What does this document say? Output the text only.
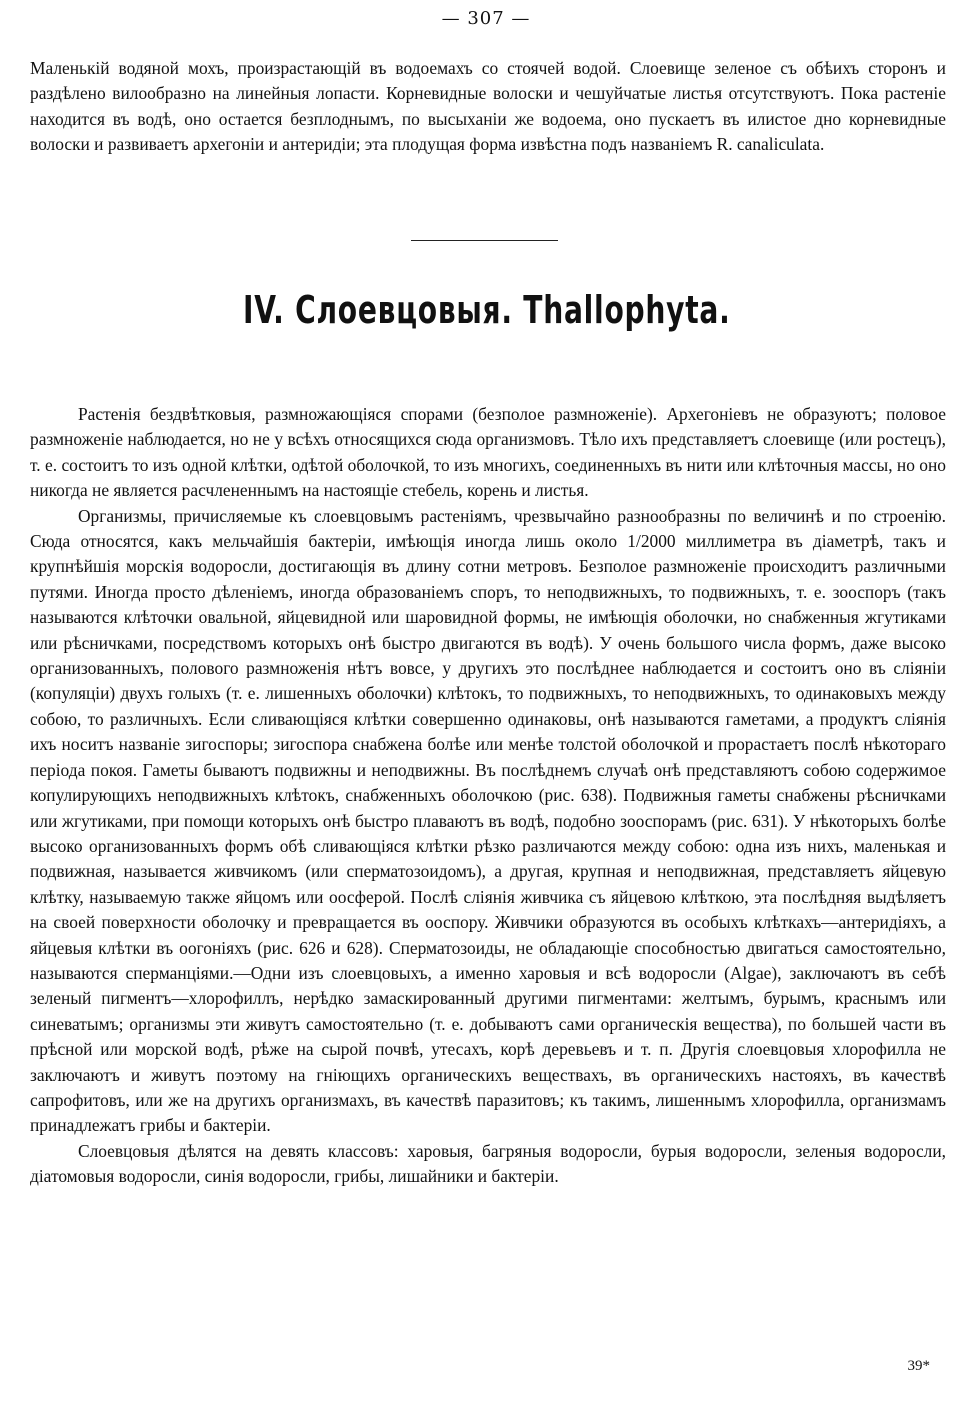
— 307 —

Маленькій водяной мохъ, произрастающій въ водоемахъ со стоячей водой. Слоевище зеленое съ обѣихъ сторонъ и раздѣлено вилообразно на линейныя лопасти. Корневидные волоски и чешуйчатые листья отсутствуютъ. Пока растеніе находится въ водѣ, оно остается безплоднымъ, по высыханіи же водоема, оно пускаетъ въ илистое дно корневидные волоски и развиваетъ архегоніи и антеридіи; эта плодущая форма извѣстна подъ названіемъ R. canaliculata.

IV. Слоевцовыя. Thallophyta.

Растенія бездвѣтковыя, размножающіяся спорами (безполое размноженіе). Архегоніевъ не образуютъ; половое размноженіе наблюдается, но не у всѣхъ относящихся сюда организмовъ. Тѣло ихъ представляетъ слоевище (или ростецъ), т. е. состоитъ то изъ одной клѣтки, одѣтой оболочкой, то изъ многихъ, соединенныхъ въ нити или клѣточныя массы, но оно никогда не является расчлененнымъ на настоящіе стебель, корень и листья.

Организмы, причисляемые къ слоевцовымъ растеніямъ, чрезвычайно разнообразны по величинѣ и по строенію. Сюда относятся, какъ мельчайшія бактеріи, имѣющія иногда лишь около 1/2000 миллиметра въ діаметрѣ, такъ и крупнѣйшія морскія водоросли, достигающія въ длину сотни метровъ. Безполое размноженіе происходитъ различными путями. Иногда просто дѣленіемъ, иногда образованіемъ споръ, то неподвижныхъ, то подвижныхъ, т. е. зооспоръ (такъ называются клѣточки овальной, яйцевидной или шаровидной формы, не имѣющія оболочки, но снабженныя жгутиками или рѣсничками, посредствомъ которыхъ онѣ быстро двигаются въ водѣ). У очень большого числа формъ, даже высоко организованныхъ, полового размноженія нѣтъ вовсе, у другихъ это послѣднее наблюдается и состоитъ оно въ сліяніи (копуляціи) двухъ голыхъ (т. е. лишенныхъ оболочки) клѣтокъ, то подвижныхъ, то неподвижныхъ, то одинаковыхъ между собою, то различныхъ. Если сливающіяся клѣтки совершенно одинаковы, онѣ называются гаметами, а продуктъ сліянія ихъ носитъ названіе зигоспоры; зигоспора снабжена болѣе или менѣе толстой оболочкой и прорастаетъ послѣ нѣкотораго періода покоя. Гаметы бываютъ подвижны и неподвижны. Въ послѣднемъ случаѣ онѣ представляютъ собою содержимое копулирующихъ неподвижныхъ клѣтокъ, снабженныхъ оболочкою (рис. 638). Подвижныя гаметы снабжены рѣсничками или жгутиками, при помощи которыхъ онѣ быстро плаваютъ въ водѣ, подобно зооспорамъ (рис. 631). У нѣкоторыхъ болѣе высоко организованныхъ формъ обѣ сливающіяся клѣтки рѣзко различаются между собою: одна изъ нихъ, маленькая и подвижная, называется живчикомъ (или сперматозоидомъ), а другая, крупная и неподвижная, представляетъ яйцевую клѣтку, называемую также яйцомъ или оосферой. Послѣ сліянія живчика съ яйцевою клѣткою, эта послѣдняя выдѣляетъ на своей поверхности оболочку и превращается въ ооспору. Живчики образуются въ особыхъ клѣткахъ—антеридіяхъ, а яйцевыя клѣтки въ оогоніяхъ (рис. 626 и 628). Сперматозоиды, не обладающіе способностью двигаться самостоятельно, называются сперманціями.—Одни изъ слоевцовыхъ, а именно харовыя и всѣ водоросли (Algae), заключаютъ въ себѣ зеленый пигментъ—хлорофиллъ, нерѣдко замаскированный другими пигментами: желтымъ, бурымъ, краснымъ или синеватымъ; организмы эти живутъ самостоятельно (т. е. добываютъ сами органическія вещества), по большей части въ прѣсной или морской водѣ, рѣже на сырой почвѣ, утесахъ, корѣ деревьевъ и т. п. Другія слоевцовыя хлорофилла не заключаютъ и живутъ поэтому на гніющихъ органическихъ веществахъ, въ органическихъ настояхъ, въ качествѣ сапрофитовъ, или же на другихъ организмахъ, въ качествѣ паразитовъ; къ такимъ, лишеннымъ хлорофилла, организмамъ принадлежатъ грибы и бактеріи.

Слоевцовыя дѣлятся на девять классовъ: харовыя, багряныя водоросли, бурыя водоросли, зеленыя водоросли, діатомовыя водоросли, синія водоросли, грибы, лишайники и бактеріи.

39*
